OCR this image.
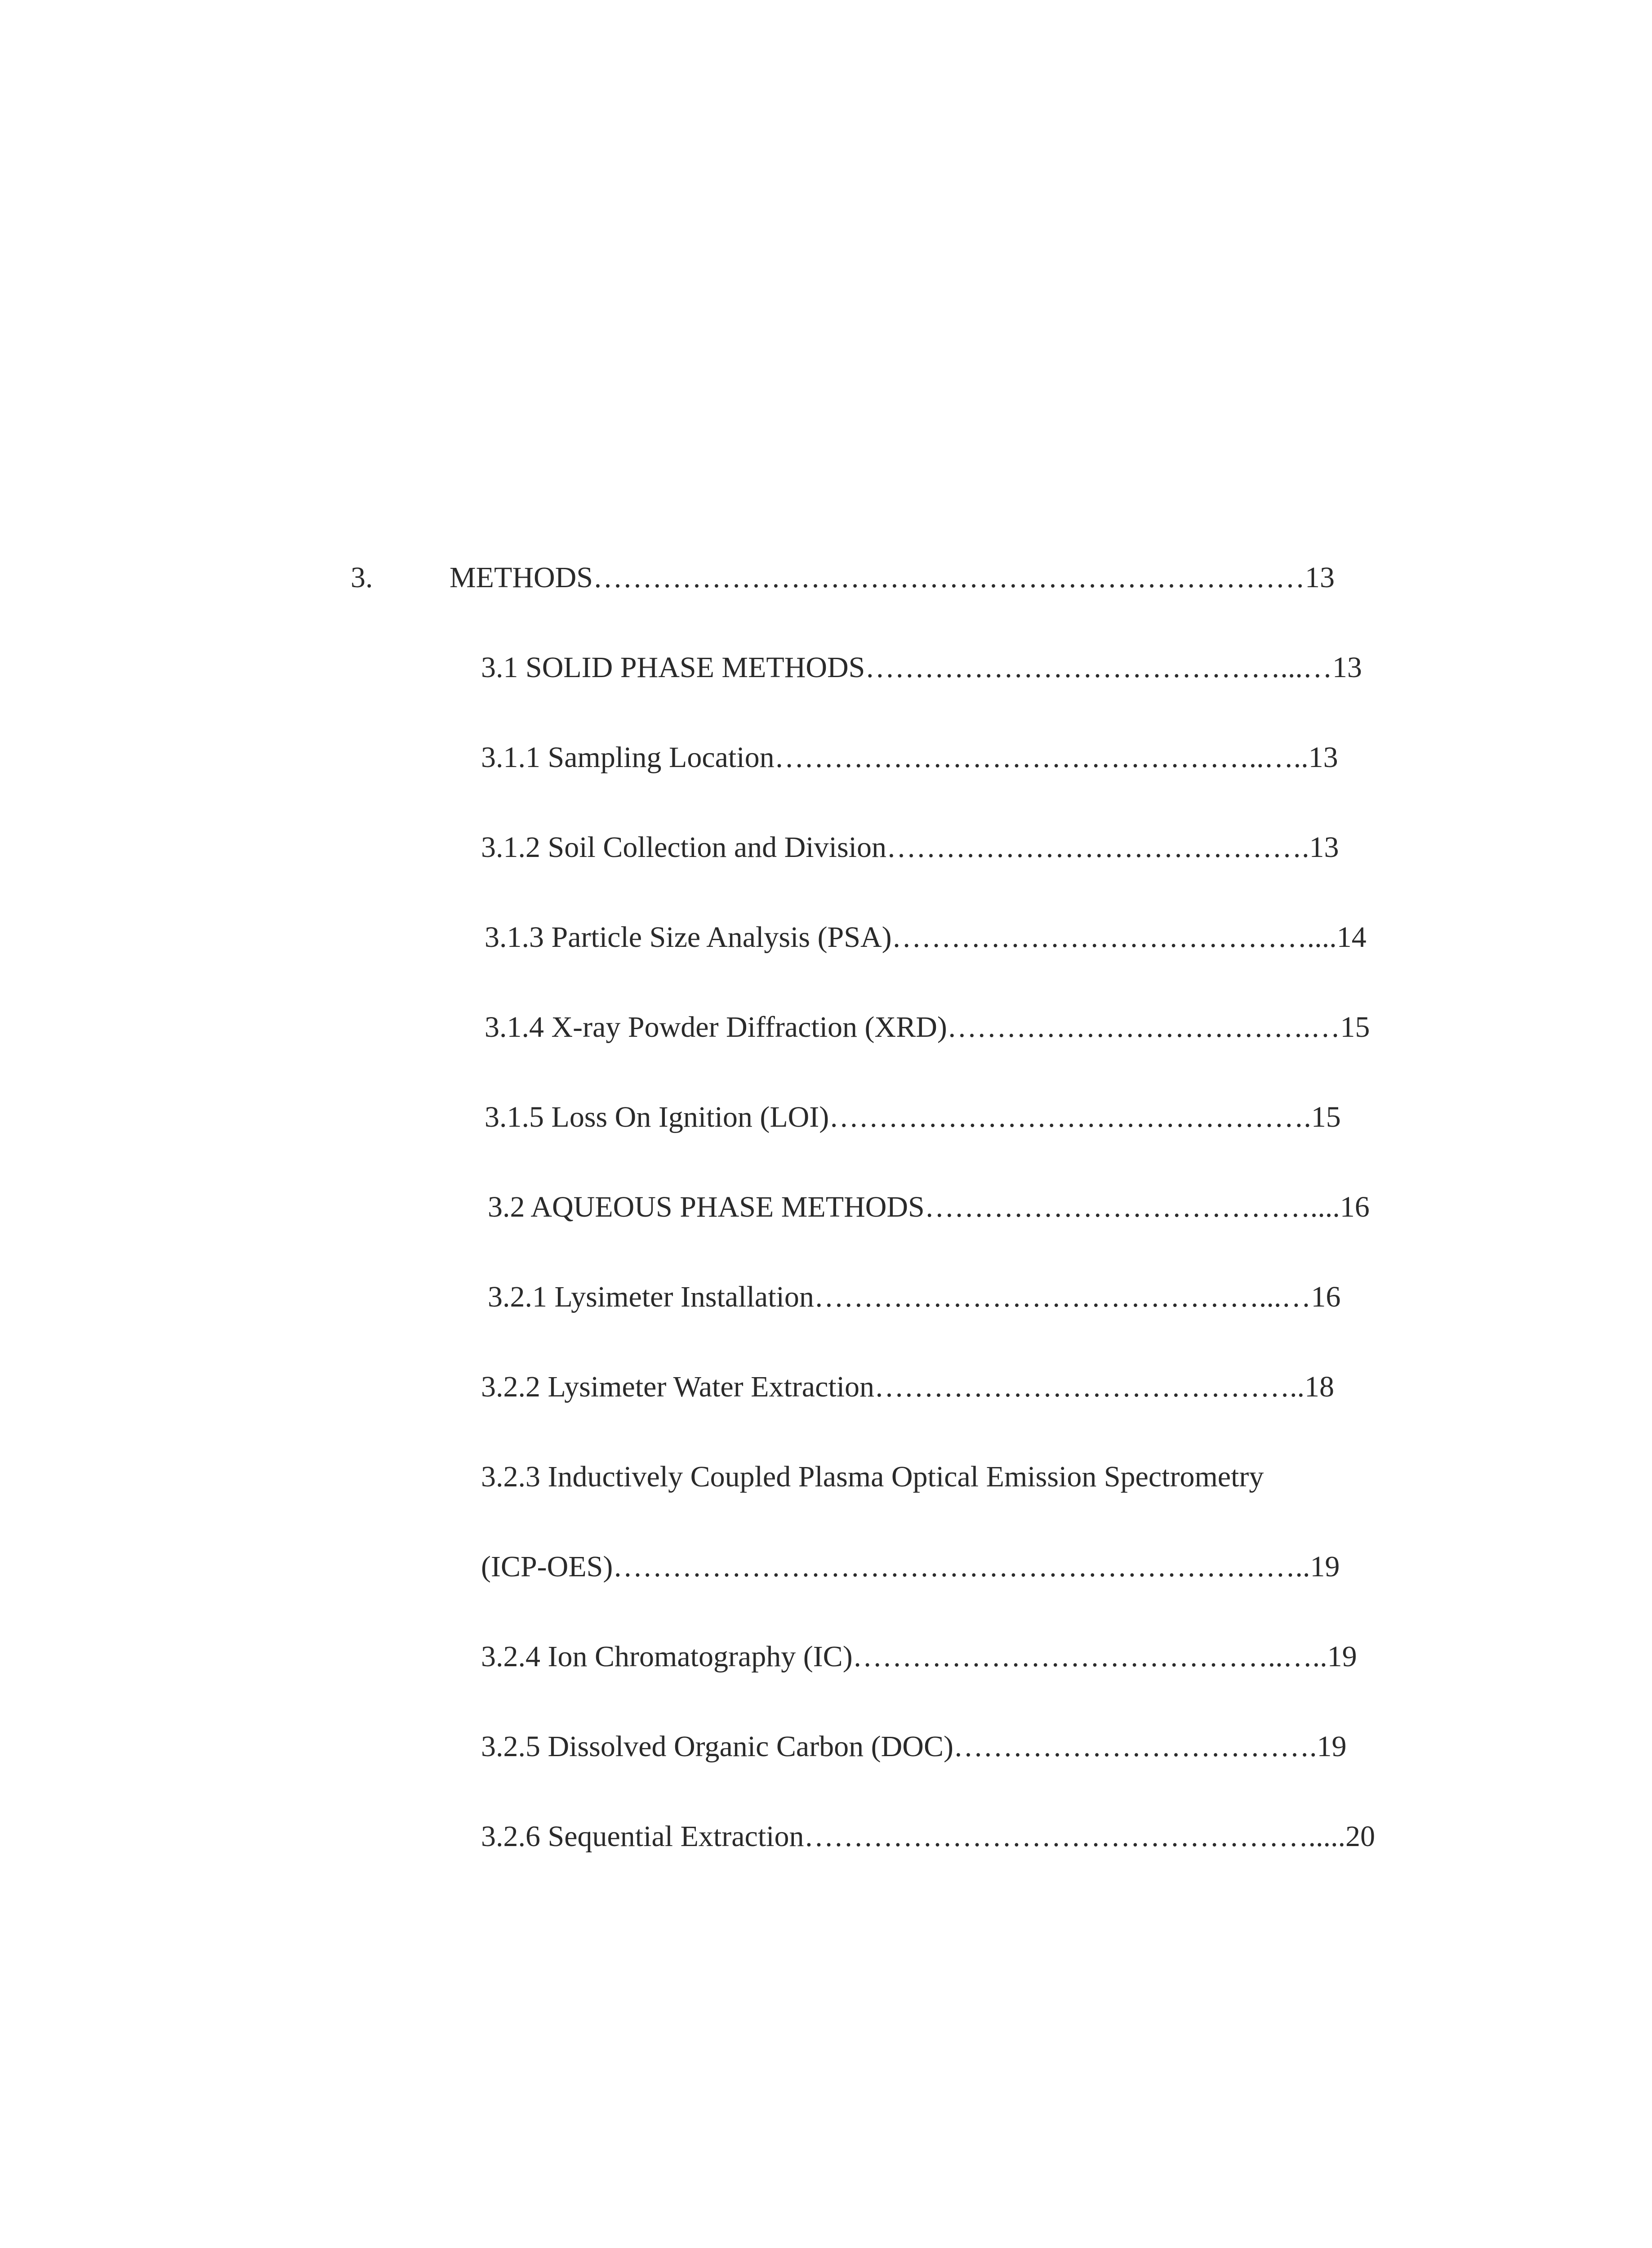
3.	METHODS………………………………………………………………13
3.1 SOLID PHASE METHODS……………………………………...…13
3.1.1 Sampling Location…………………………………………..…..13
3.1.2 Soil Collection and Division…………………………………….13
3.1.3 Particle Size Analysis (PSA)……………………………………....14
3.1.4 X-ray Powder Diffraction (XRD)……………………………….…15
3.1.5 Loss On Ignition (LOI)………………………………………….15
3.2 AQUEOUS PHASE METHODS…………………………………....16
3.2.1 Lysimeter Installation………………………………………...…16
3.2.2 Lysimeter Water Extraction……………………………………..18
3.2.3 Inductively Coupled Plasma Optical Emission Spectrometry
(ICP-OES)……………………………………………………………..19
3.2.4 Ion Chromatography (IC)……………………………………..…..19
3.2.5 Dissolved Organic Carbon (DOC)……………………………….19
3.2.6 Sequential Extraction…………………………………………….....20
